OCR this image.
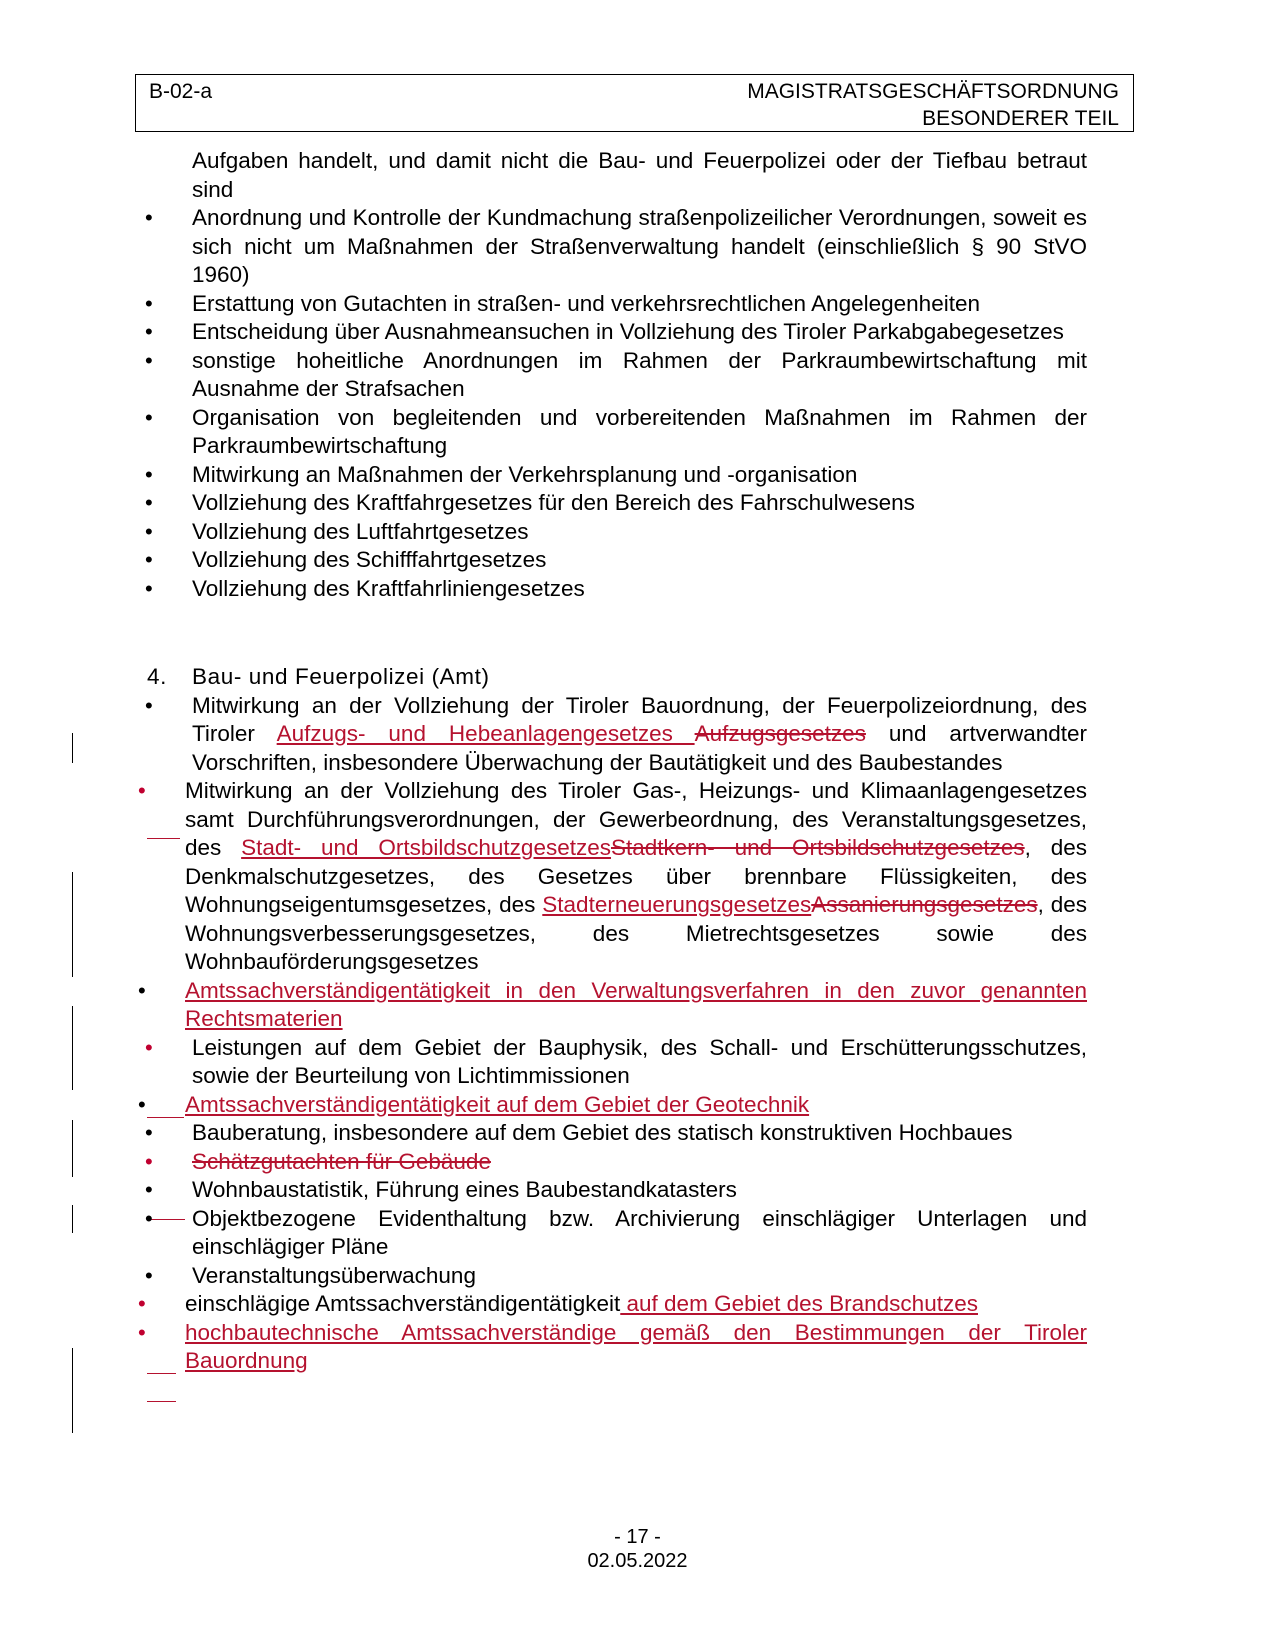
B-02-a	MAGISTRATSGESCHÄFTSORDNUNG
BESONDERER TEIL
Aufgaben handelt, und damit nicht die Bau- und Feuerpolizei oder der Tiefbau betraut sind
• Anordnung und Kontrolle der Kundmachung straßenpolizeilicher Verordnungen, soweit es sich nicht um Maßnahmen der Straßenverwaltung handelt (einschließlich § 90 StVO 1960)
• Erstattung von Gutachten in straßen- und verkehrsrechtlichen Angelegenheiten
• Entscheidung über Ausnahmeansuchen in Vollziehung des Tiroler Parkabgabegesetzes
• sonstige hoheitliche Anordnungen im Rahmen der Parkraumbewirtschaftung mit Ausnahme der Strafsachen
• Organisation von begleitenden und vorbereitenden Maßnahmen im Rahmen der Parkraumbewirtschaftung
• Mitwirkung an Maßnahmen der Verkehrsplanung und -organisation
• Vollziehung des Kraftfahrgesetzes für den Bereich des Fahrschulwesens
• Vollziehung des Luftfahrtgesetzes
• Vollziehung des Schifffahrtgesetzes
• Vollziehung des Kraftfahrliniengesetzes
4. Bau- und Feuerpolizei (Amt)
• Mitwirkung an der Vollziehung der Tiroler Bauordnung, der Feuerpolizeiordnung, des Tiroler Aufzugs- und Hebeanlagengesetzes Aufzugsgesetzes und artverwandter Vorschriften, insbesondere Überwachung der Bautätigkeit und des Baubestandes
• Mitwirkung an der Vollziehung des Tiroler Gas-, Heizungs- und Klimaanlagengesetzes samt Durchführungsverordnungen, der Gewerbeordnung, des Veranstaltungsgesetzes, des Stadt- und OrtsbildschutzgesetzesStadtkern- und Ortsbildschutzgesetzes, des Denkmalschutzgesetzes, des Gesetzes über brennbare Flüssigkeiten, des Wohnungseigentumsgesetzes, des StadterneuerungsgesetzesAssanierungsgesetzes, des Wohnungsverbesserungsgesetzes, des Mietrechtsgesetzes sowie des Wohnbauförderungsgesetzes
• Amtssachverständigentätigkeit in den Verwaltungsverfahren in den zuvor genannten Rechtsmaterien
• Leistungen auf dem Gebiet der Bauphysik, des Schall- und Erschütterungsschutzes, sowie der Beurteilung von Lichtimmissionen
• Amtssachverständigentätigkeit auf dem Gebiet der Geotechnik
• Bauberatung, insbesondere auf dem Gebiet des statisch konstruktiven Hochbaues
• Schätzgutachten für Gebäude
• Wohnbaustatistik, Führung eines Baubestandkatasters
• Objektbezogene Evidenthaltung bzw. Archivierung einschlägiger Unterlagen und einschlägiger Pläne
• Veranstaltungsüberwachung
• einschlägige Amtssachverständigentätigkeit auf dem Gebiet des Brandschutzes
• hochbautechnische Amtssachverständige gemäß den Bestimmungen der Tiroler Bauordnung
- 17 -
02.05.2022
